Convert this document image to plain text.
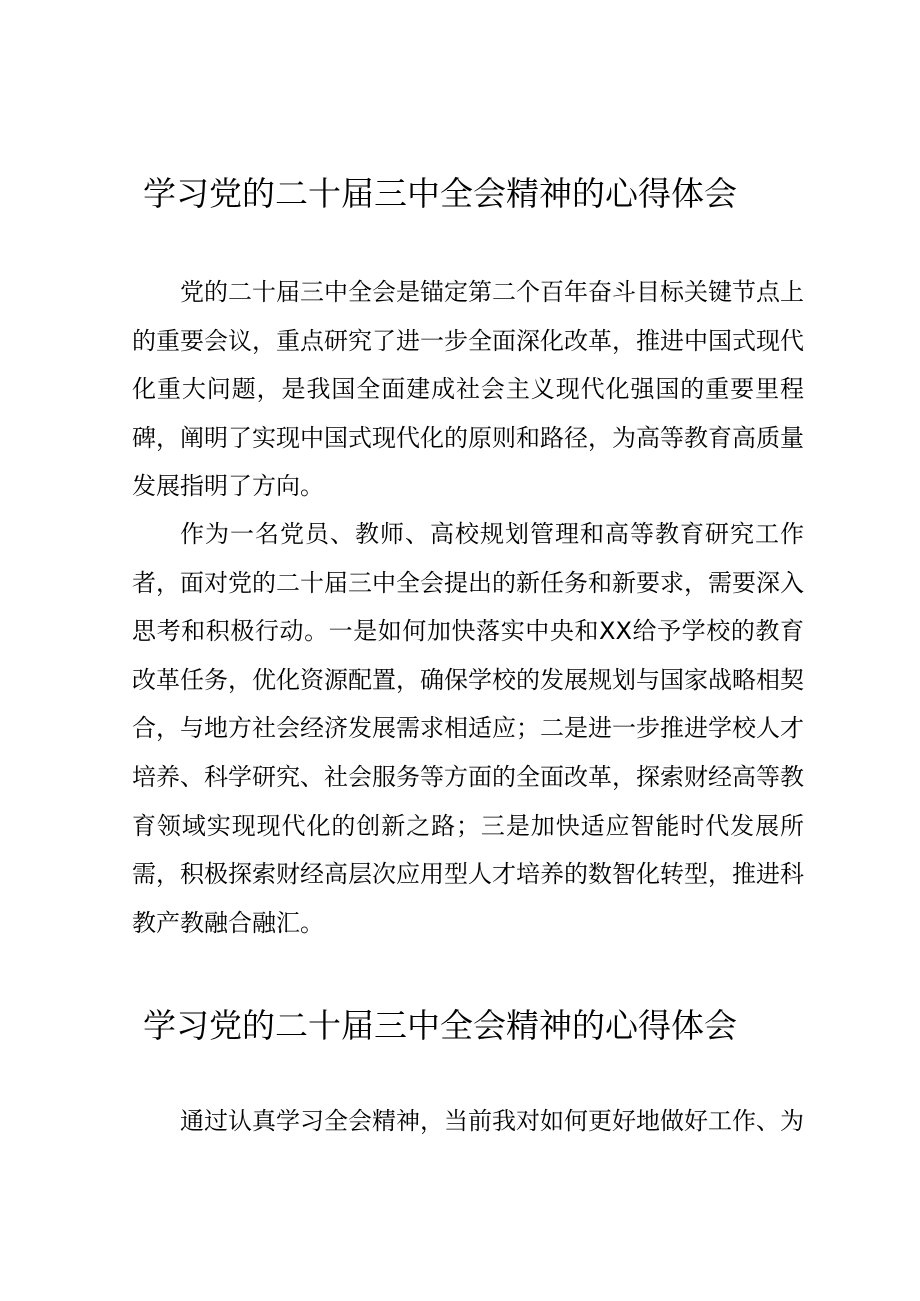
学习党的二十届三中全会精神的心得体会

党的二十届三中全会是锚定第二个百年奋斗目标关键节点上的重要会议，重点研究了进一步全面深化改革，推进中国式现代化重大问题，是我国全面建成社会主义现代化强国的重要里程碑，阐明了实现中国式现代化的原则和路径，为高等教育高质量发展指明了方向。

作为一名党员、教师、高校规划管理和高等教育研究工作者，面对党的二十届三中全会提出的新任务和新要求，需要深入思考和积极行动。一是如何加快落实中央和XX给予学校的教育改革任务，优化资源配置，确保学校的发展规划与国家战略相契合，与地方社会经济发展需求相适应；二是进一步推进学校人才培养、科学研究、社会服务等方面的全面改革，探索财经高等教育领域实现现代化的创新之路；三是加快适应智能时代发展所需，积极探索财经高层次应用型人才培养的数智化转型，推进科教产教融合融汇。

学习党的二十届三中全会精神的心得体会

通过认真学习全会精神，当前我对如何更好地做好工作、为
